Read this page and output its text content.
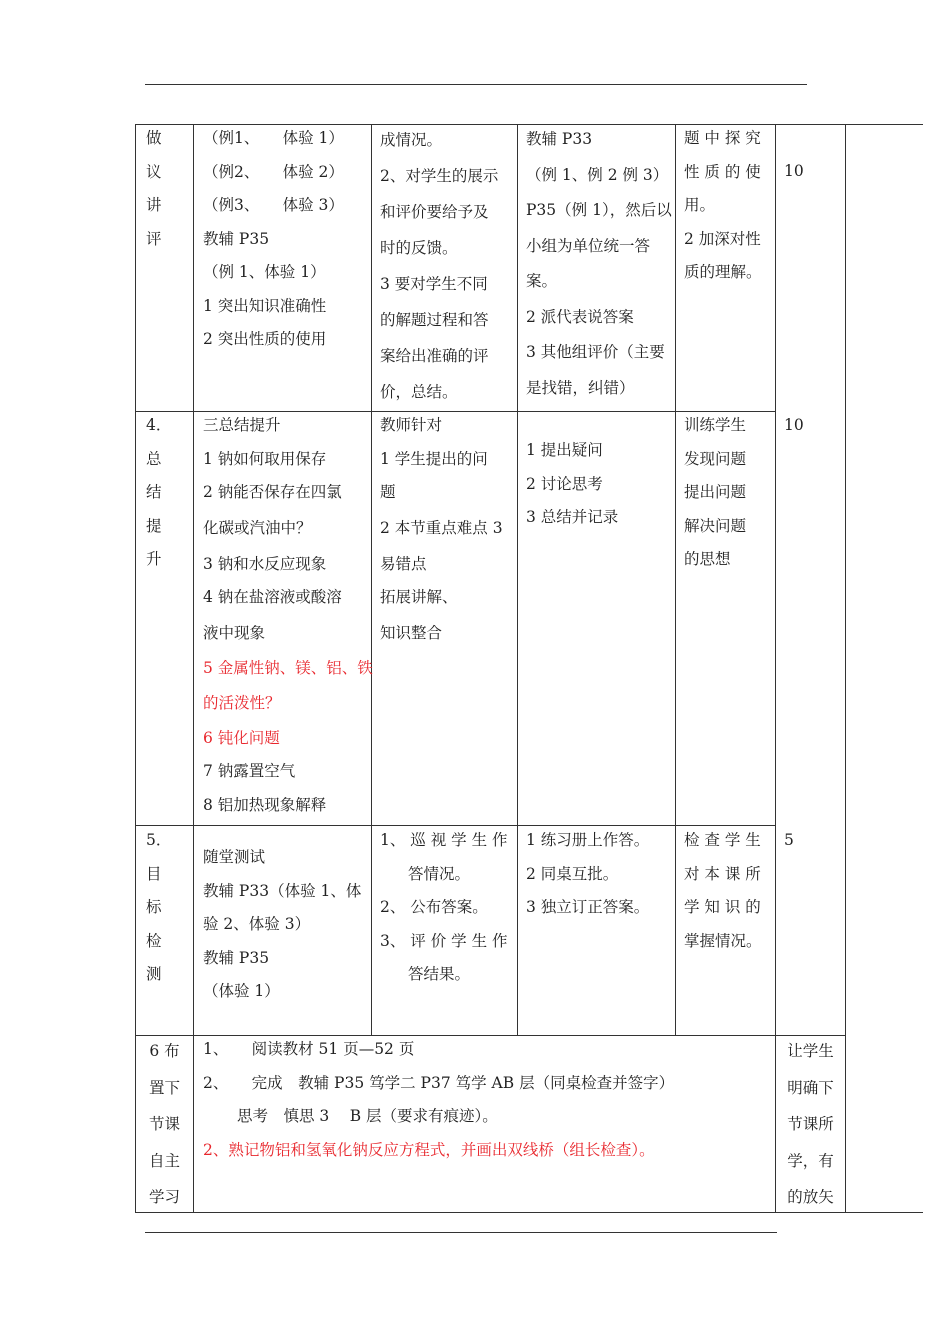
做

议

讲

评

（例1、　　体验 1）

（例2、　　体验 2）

（例3、　　体验 3）

教辅 P35

（例 1、体验 1）

1 突出知识准确性

2 突出性质的使用

成情况。

2、对学生的展示

和评价要给予及

时的反馈。

3 要对学生不同

的解题过程和答

案给出准确的评

价，总结。

教辅 P33

（例 1、例 2 例 3）

P35（例 1），然后以

小组为单位统一答

案。

2 派代表说答案

3 其他组评价（主要

是找错，纠错）

题 中 探 究

性 质 的 使

用。

2 加深对性

质的理解。

10

4．

总

结

提

升

三总结提升

1 钠如何取用保存

2 钠能否保存在四氯

化碳或汽油中？

3 钠和水反应现象

4 钠在盐溶液或酸溶

液中现象

5 金属性钠、镁、铝、铁

的活泼性？

6 钝化问题

7 钠露置空气

8 铝加热现象解释

教师针对

1 学生提出的问

题

2 本节重点难点 3

易错点

拓展讲解、

知识整合

1 提出疑问

2 讨论思考

3 总结并记录

训练学生

发现问题

提出问题

解决问题

的思想

10

5．

目

标

检

测

随堂测试

教辅 P33（体验 1、体

验 2、体验 3）

教辅 P35

（体验 1）

1、 巡 视 学 生 作

答情况。

2、 公布答案。

3、 评 价 学 生 作

答结果。

1 练习册上作答。

2 同桌互批。

3 独立订正答案。

检 查 学 生

对 本 课 所

学 知 识 的

掌握情况。

5

6 布

置下

节课

自主

学习

1、　　阅读教材 51 页—52 页

2、　　完成　教辅 P35 笃学二 P37 笃学 AB 层（同桌检查并签字）

思考　慎思 3　 B 层（要求有痕迹）。

2、熟记物铝和氢氧化钠反应方程式，并画出双线桥（组长检查）。

让学生

明确下

节课所

学，有

的放矢
